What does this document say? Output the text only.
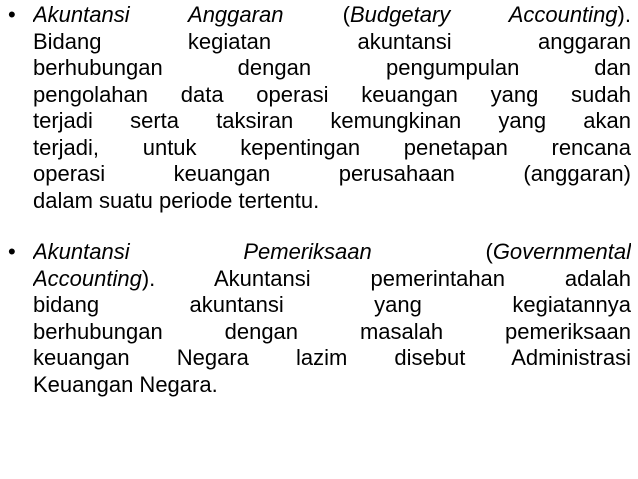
• Akuntansi Anggaran (Budgetary Accounting).
Bidang kegiatan akuntansi anggaran
berhubungan dengan pengumpulan dan
pengolahan data operasi keuangan yang sudah
terjadi serta taksiran kemungkinan yang akan
terjadi, untuk kepentingan penetapan rencana
operasi keuangan perusahaan (anggaran)
dalam suatu periode tertentu.
• Akuntansi Pemeriksaan (Governmental
Accounting). Akuntansi pemerintahan adalah
bidang akuntansi yang kegiatannya
berhubungan dengan masalah pemeriksaan
keuangan Negara lazim disebut Administrasi
Keuangan Negara.
